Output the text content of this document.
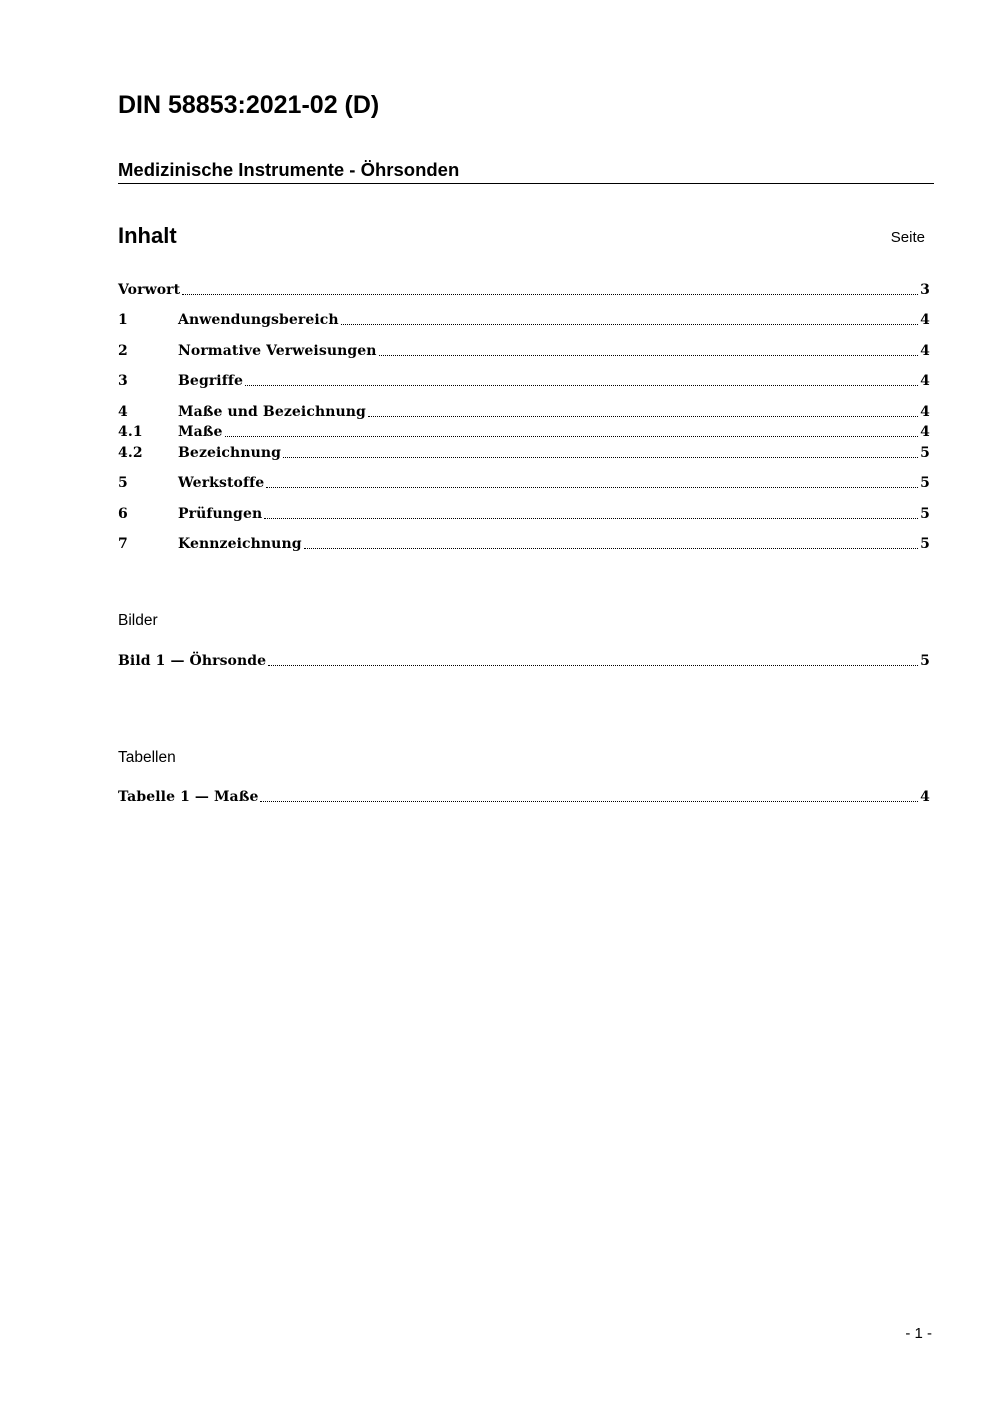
DIN 58853:2021-02 (D)
Medizinische Instrumente - Öhrsonden
Inhalt	Seite
Vorwort	3
1	Anwendungsbereich	4
2	Normative Verweisungen	4
3	Begriffe	4
4	Maße und Bezeichnung	4
4.1	Maße	4
4.2	Bezeichnung	5
5	Werkstoffe	5
6	Prüfungen	5
7	Kennzeichnung	5
Bilder
Bild 1 — Öhrsonde	5
Tabellen
Tabelle 1 — Maße	4
- 1 -
